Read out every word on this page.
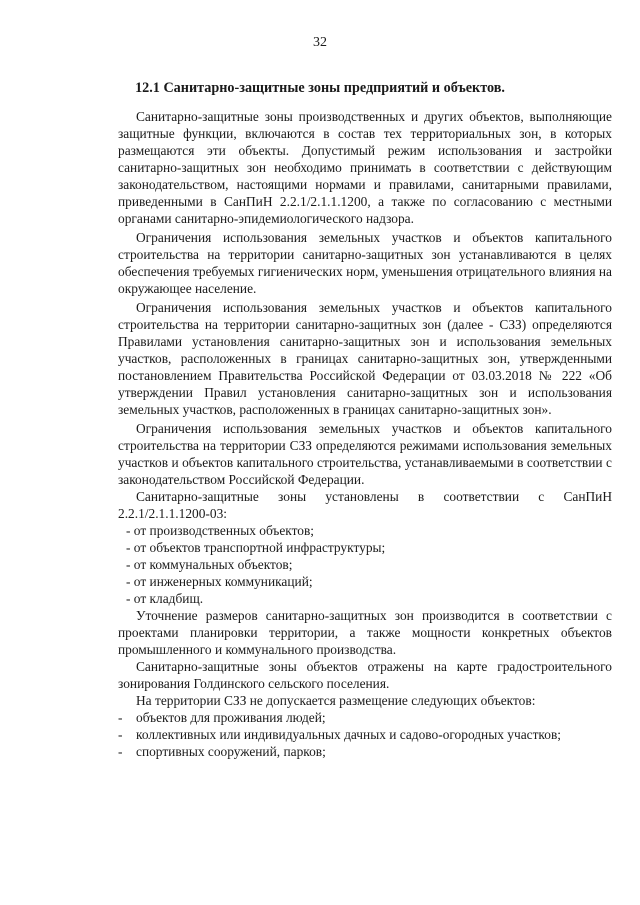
32
12.1 Санитарно-защитные зоны предприятий и объектов.

Санитарно-защитные зоны производственных и других объектов, выполняющие защитные функции, включаются в состав тех территориальных зон, в которых размещаются эти объекты. Допустимый режим использования и застройки санитарно-защитных зон необходимо принимать в соответствии с действующим законодательством, настоящими нормами и правилами, санитарными правилами, приведенными в СанПиН 2.2.1/2.1.1.1200, а также по согласованию с местными органами санитарно-эпидемиологического надзора.

Ограничения использования земельных участков и объектов капитального строительства на территории санитарно-защитных зон устанавливаются в целях обеспечения требуемых гигиенических норм, уменьшения отрицательного влияния на окружающее население.

Ограничения использования земельных участков и объектов капитального строительства на территории санитарно-защитных зон (далее - СЗЗ) определяются Правилами установления санитарно-защитных зон и использования земельных участков, расположенных в границах санитарно-защитных зон, утвержденными постановлением Правительства Российской Федерации от 03.03.2018 № 222 «Об утверждении Правил установления санитарно-защитных зон и использования земельных участков, расположенных в границах санитарно-защитных зон».

Ограничения использования земельных участков и объектов капитального строительства на территории СЗЗ определяются режимами использования земельных участков и объектов капитального строительства, устанавливаемыми в соответствии с законодательством Российской Федерации.

Санитарно-защитные зоны установлены в соответствии с СанПиН 2.2.1/2.1.1.1200-03:

- от производственных объектов;
- от объектов транспортной инфраструктуры;
- от коммунальных объектов;
- от инженерных коммуникаций;
- от кладбищ.

Уточнение размеров санитарно-защитных зон производится в соответствии с проектами планировки территории, а также мощности конкретных объектов промышленного и коммунального производства.

Санитарно-защитные зоны объектов отражены на карте градостроительного зонирования Голдинского сельского поселения.

На территории СЗЗ не допускается размещение следующих объектов:

-	объектов для проживания людей;
-	коллективных или индивидуальных дачных и садово-огородных участков;
-	спортивных сооружений, парков;
